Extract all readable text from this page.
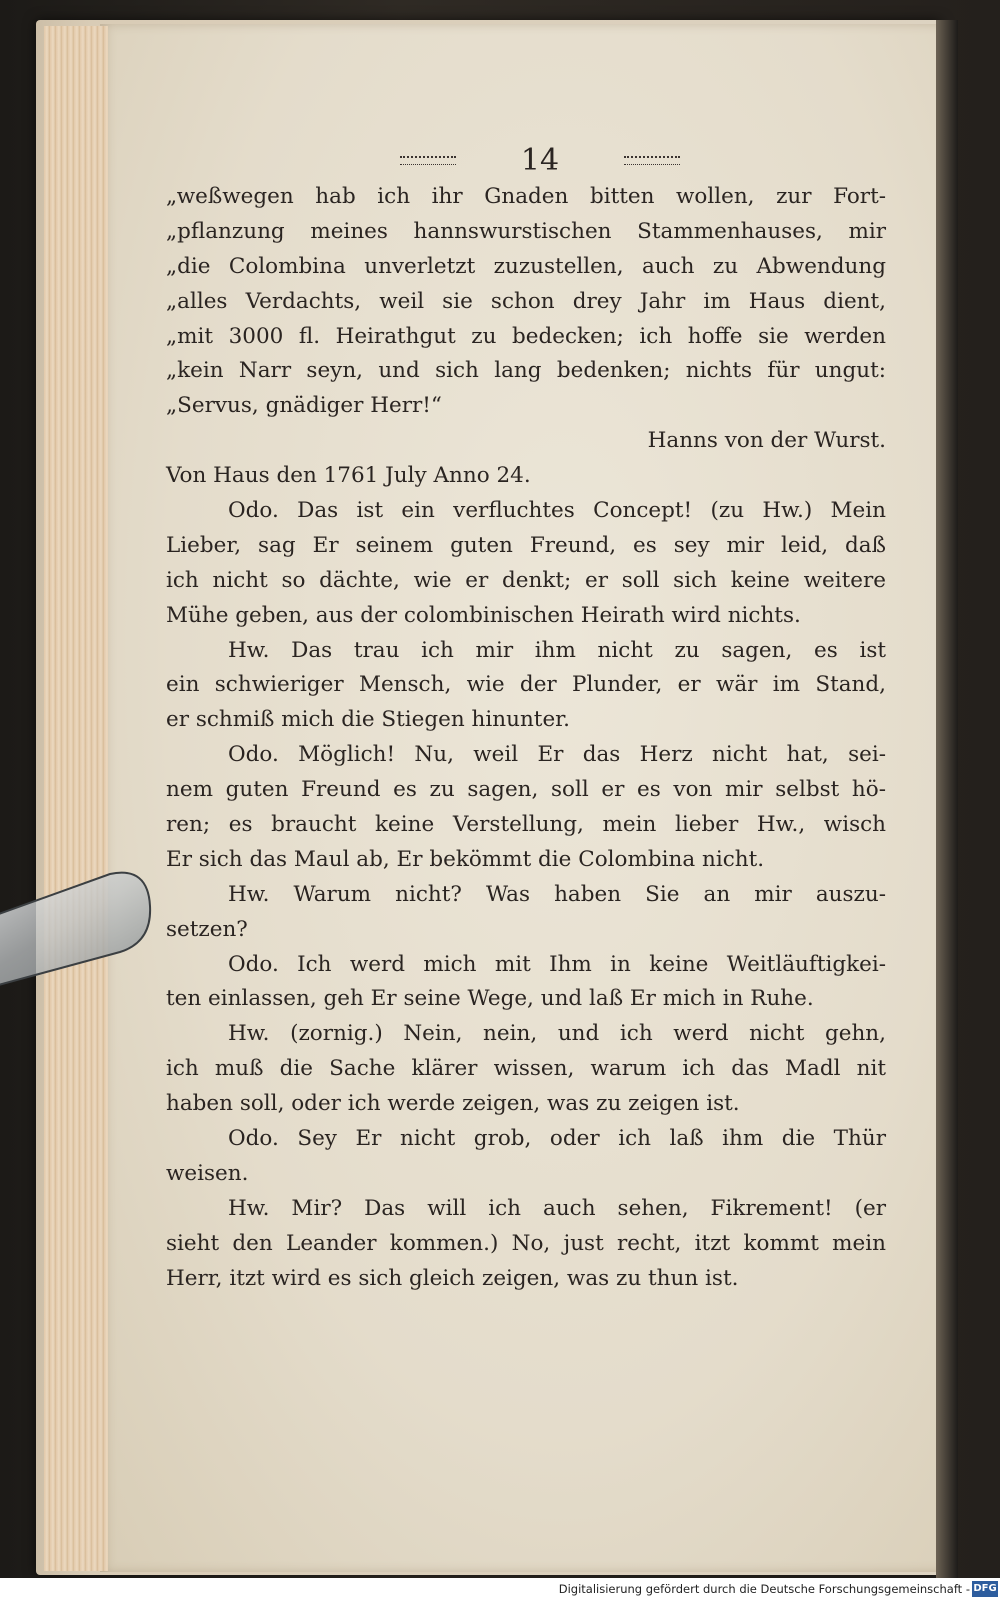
14
„weßwegen hab ich ihr Gnaden bitten wollen, zur Fort-
„pflanzung meines hannswurstischen Stammenhauses, mir
„die Colombina unverletzt zuzustellen, auch zu Abwendung
„alles Verdachts, weil sie schon drey Jahr im Haus dient,
„mit 3000 fl. Heirathgut zu bedecken; ich hoffe sie werden
„kein Narr seyn, und sich lang bedenken; nichts für ungut:
„Servus, gnädiger Herr!“
Hanns von der Wurst.
Von Haus den 1761 July Anno 24.
Odo. Das ist ein verfluchtes Concept! (zu Hw.) Mein
Lieber, sag Er seinem guten Freund, es sey mir leid, daß
ich nicht so dächte, wie er denkt; er soll sich keine weitere
Mühe geben, aus der colombinischen Heirath wird nichts.
Hw. Das trau ich mir ihm nicht zu sagen, es ist
ein schwieriger Mensch, wie der Plunder, er wär im Stand,
er schmiß mich die Stiegen hinunter.
Odo. Möglich! Nu, weil Er das Herz nicht hat, sei-
nem guten Freund es zu sagen, soll er es von mir selbst hö-
ren; es braucht keine Verstellung, mein lieber Hw., wisch
Er sich das Maul ab, Er bekömmt die Colombina nicht.
Hw. Warum nicht? Was haben Sie an mir auszu-
setzen?
Odo. Ich werd mich mit Ihm in keine Weitläuftigkei-
ten einlassen, geh Er seine Wege, und laß Er mich in Ruhe.
Hw. (zornig.) Nein, nein, und ich werd nicht gehn,
ich muß die Sache klärer wissen, warum ich das Madl nit
haben soll, oder ich werde zeigen, was zu zeigen ist.
Odo. Sey Er nicht grob, oder ich laß ihm die Thür
weisen.
Hw. Mir? Das will ich auch sehen, Fikrement! (er
sieht den Leander kommen.) No, just recht, itzt kommt mein
Herr, itzt wird es sich gleich zeigen, was zu thun ist.
Digitalisierung gefördert durch die Deutsche Forschungsgemeinschaft - DFG
